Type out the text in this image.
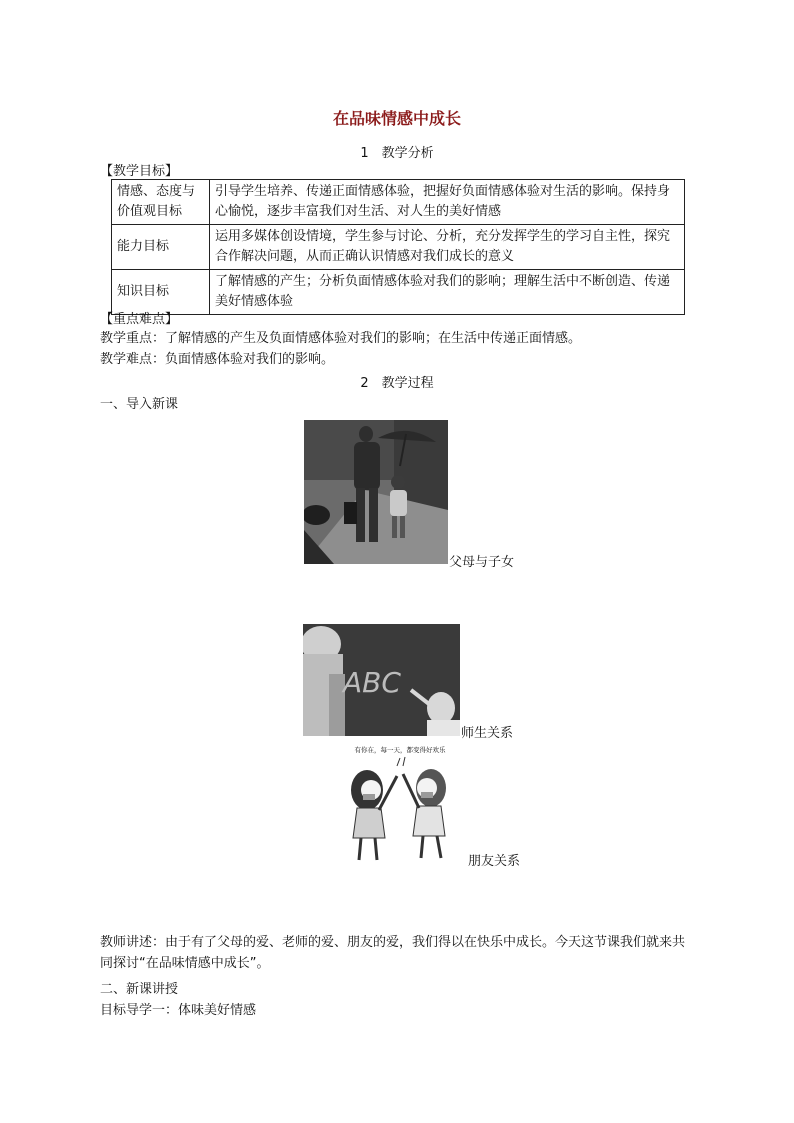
在品味情感中成长
1　教学分析
【教学目标】
情感、态度与价值观目标	引导学生培养、传递正面情感体验，把握好负面情感体验对生活的影响。保持身心愉悦，逐步丰富我们对生活、对人生的美好情感
能力目标	运用多媒体创设情境，学生参与讨论、分析，充分发挥学生的学习自主性，探究合作解决问题，从而正确认识情感对我们成长的意义
知识目标	了解情感的产生；分析负面情感体验对我们的影响；理解生活中不断创造、传递美好情感体验
【重点难点】
教学重点：了解情感的产生及负面情感体验对我们的影响；在生活中传递正面情感。
教学难点：负面情感体验对我们的影响。
2　教学过程
一、导入新课
父母与子女
ABC
师生关系
有你在，每一天，都变得好欢乐
朋友关系
教师讲述：由于有了父母的爱、老师的爱、朋友的爱，我们得以在快乐中成长。今天这节课我们就来共同探讨“在品味情感中成长”。
二、新课讲授
目标导学一：体味美好情感
